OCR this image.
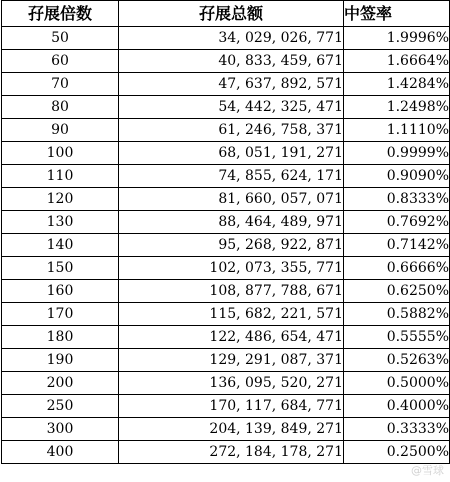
孖展倍数	孖展总额	中签率
50	34, 029, 026, 771	1.9996%
60	40, 833, 459, 671	1.6664%
70	47, 637, 892, 571	1.4284%
80	54, 442, 325, 471	1.2498%
90	61, 246, 758, 371	1.1110%
100	68, 051, 191, 271	0.9999%
110	74, 855, 624, 171	0.9090%
120	81, 660, 057, 071	0.8333%
130	88, 464, 489, 971	0.7692%
140	95, 268, 922, 871	0.7142%
150	102, 073, 355, 771	0.6666%
160	108, 877, 788, 671	0.6250%
170	115, 682, 221, 571	0.5882%
180	122, 486, 654, 471	0.5555%
190	129, 291, 087, 371	0.5263%
200	136, 095, 520, 271	0.5000%
250	170, 117, 684, 771	0.4000%
300	204, 139, 849, 271	0.3333%
400	272, 184, 178, 271	0.2500%
@雪球
